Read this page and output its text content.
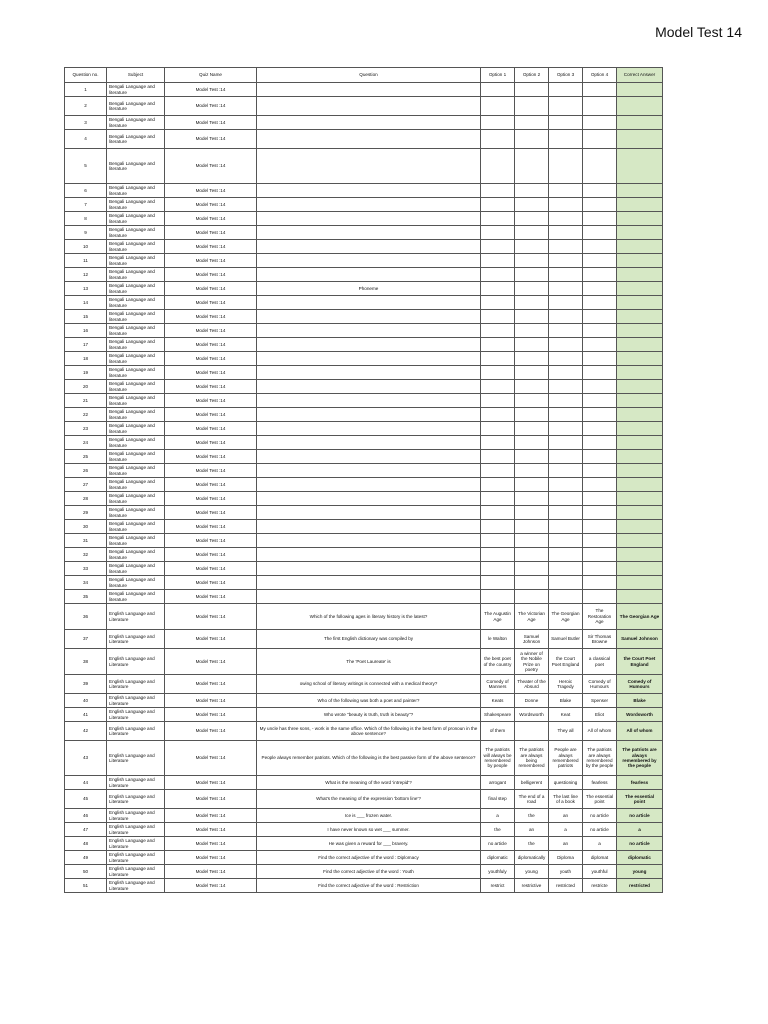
Model Test 14
Question no.	Subject	Quiz Name	Question	Option 1	Option 2	Option 3	Option 4	Correct Answer
1	Bengali Language and literature	Model Test :14						
2	Bengali Language and literature	Model Test :14						
3	Bengali Language and literature	Model Test :14						
4	Bengali Language and literature	Model Test :14						
5	Bengali Language and literature	Model Test :14						
6	Bengali Language and literature	Model Test :14						
7	Bengali Language and literature	Model Test :14						
8	Bengali Language and literature	Model Test :14						
9	Bengali Language and literature	Model Test :14						
10	Bengali Language and literature	Model Test :14						
11	Bengali Language and literature	Model Test :14						
12	Bengali Language and literature	Model Test :14						
13	Bengali Language and literature	Model Test :14	Phoneme					
14	Bengali Language and literature	Model Test :14						
15	Bengali Language and literature	Model Test :14						
16	Bengali Language and literature	Model Test :14						
17	Bengali Language and literature	Model Test :14						
18	Bengali Language and literature	Model Test :14						
19	Bengali Language and literature	Model Test :14						
20	Bengali Language and literature	Model Test :14						
21	Bengali Language and literature	Model Test :14						
22	Bengali Language and literature	Model Test :14						
23	Bengali Language and literature	Model Test :14						
24	Bengali Language and literature	Model Test :14						
25	Bengali Language and literature	Model Test :14						
26	Bengali Language and literature	Model Test :14						
27	Bengali Language and literature	Model Test :14						
28	Bengali Language and literature	Model Test :14						
29	Bengali Language and literature	Model Test :14						
30	Bengali Language and literature	Model Test :14						
31	Bengali Language and literature	Model Test :14						
32	Bengali Language and literature	Model Test :14						
33	Bengali Language and literature	Model Test :14						
34	Bengali Language and literature	Model Test :14						
35	Bengali Language and literature	Model Test :14						
36	English Language and Literature	Model Test :14	Which of the following ages in literary history is the latest?	The Augustin Age	The Victorian Age	The Georgian Age	The Restoration Age	The Georgian Age
37	English Language and Literature	Model Test :14	The first English dictionary was compiled by	le Walton	Samuel Johnson	Samuel Butler	Sir Thomas Browne	Samuel Johnson
38	English Language and Literature	Model Test :14	The 'Poet Laureate' is	the best poet of the country	a winner of the Nobile Prize on poetry	the Court Poet England	a classical poet	the Court Poet England
39	English Language and Literature	Model Test :14	owing school of literary writings is connected with a medical theory?	Comedy of Manners	Theater of the Absurd	Heroic Tragedy	Comedy of Humours	Comedy of Humours
40	English Language and Literature	Model Test :14	Who of the following was both a poet and painter?	Keats	Donne	Blake	Spenser	Blake
41	English Language and Literature	Model Test :14	Who wrote "beauty is truth, truth is beauty"?	Shakespeare	Wordsworth	Keat	Eliot	Wordsworth
42	English Language and Literature	Model Test :14	My uncle has three sons, - work in the same office. Which of the following is the best form of pronoun in the above sentence?	of them		They all	All of whom	All of whom
43	English Language and Literature	Model Test :14	People always remember patriots. Which of the following is the best passive form of the above sentence?	The patriots will always be remembered by people	The patriots are always being remembered	People are always remembered patriots	The patriots are always remembered by the people	The patriots are always remembered by the people
44	English Language and Literature	Model Test :14	What is the meaning of the word 'intrepid'?	arrogant	belligerent	questioning	fearless	fearless
45	English Language and Literature	Model Test :14	What's the meaning of the expression 'bottom line'?	final step	The end of a road	The last line of a book	The essential point	The essential point
46	English Language and Literature	Model Test :14	Ice is ___ frozen water.	a	the	an	no article	no article
47	English Language and Literature	Model Test :14	I have never known so wet ___ summer.	the	an	a	no article	a
48	English Language and Literature	Model Test :14	He was given a reward for ___ bravery.	no article	the	an	a	no article
49	English Language and Literature	Model Test :14	Find the correct adjective of the word : Diplomacy	diplomatic	diplomatically	Diploma	diplomat	diplomatic
50	English Language and Literature	Model Test :14	Find the correct adjective of the word : Youth	youthfuly	young	youth	youthful	young
51	English Language and Literature	Model Test :14	Find the correct adjective of the word : Restriction	restrict	restrictive	restricted	restricte	restricted
